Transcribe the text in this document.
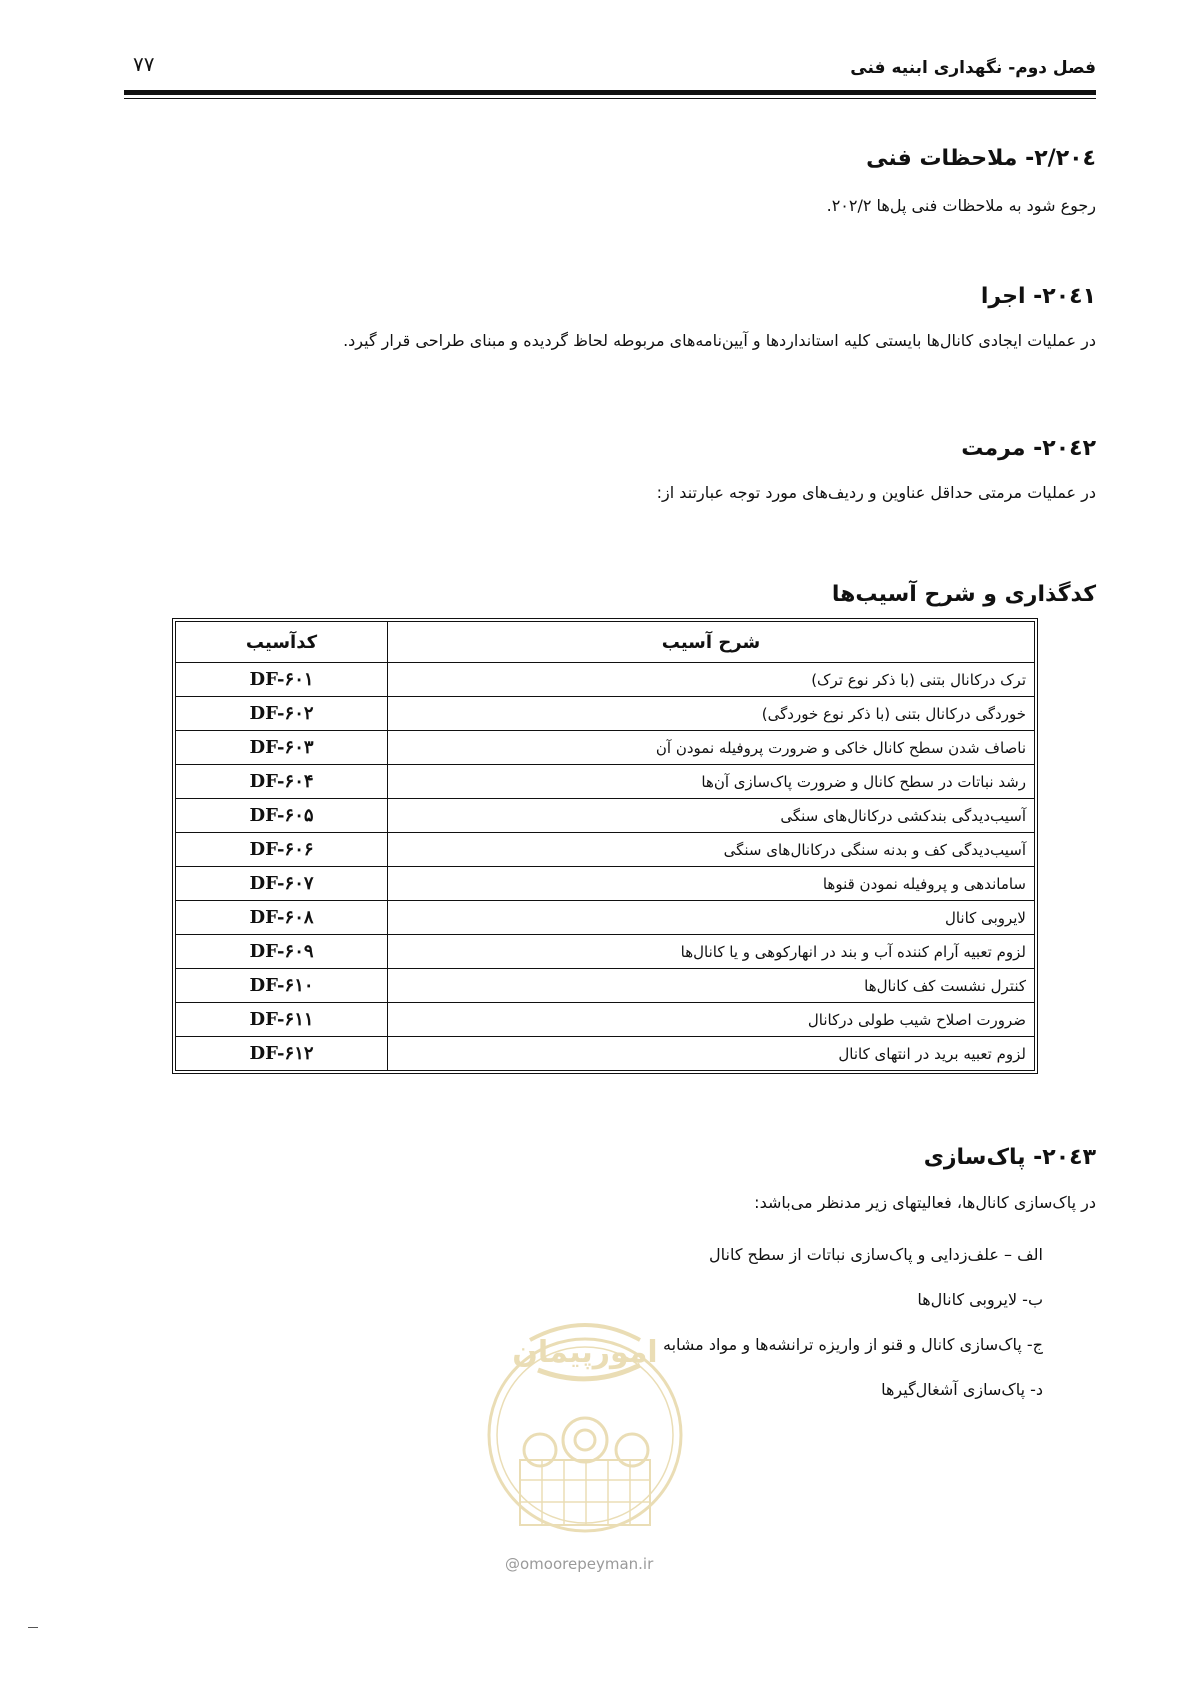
۷۷	فصل دوم- نگهداری ابنیه فنی
۲۰٤/۲- ملاحظات فنی
رجوع شود به ملاحظات فنی پل‌ها ۲۰۲/۲.
۲۰٤۱- اجرا
در عملیات ایجادی کانال‌ها بایستی کلیه استانداردها و آیین‌نامه‌های مربوطه لحاظ گردیده و مبنای طراحی قرار گیرد.
۲۰٤۲- مرمت
در عملیات مرمتی حداقل عناوین و ردیف‌های مورد توجه عبارتند از:
کدگذاری و شرح آسیب‌ها
شرح آسیب	کدآسیب
ترک درکانال بتنی (با ذکر نوع ترک)	DF-۶۰۱
خوردگی درکانال بتنی (با ذکر نوع خوردگی)	DF-۶۰۲
ناصاف شدن سطح کانال خاکی و ضرورت پروفیله نمودن آن	DF-۶۰۳
رشد نباتات در سطح کانال و ضرورت پاک‌سازی آن‌ها	DF-۶۰۴
آسیب‌دیدگی بندکشی درکانال‌های سنگی	DF-۶۰۵
آسیب‌دیدگی کف و بدنه سنگی درکانال‌های سنگی	DF-۶۰۶
ساماندهی و پروفیله نمودن قنوها	DF-۶۰۷
لایروبی کانال	DF-۶۰۸
لزوم تعبیه آرام کننده آب و بند در انهارکوهی و یا کانال‌ها	DF-۶۰۹
کنترل نشست کف کانال‌ها	DF-۶۱۰
ضرورت اصلاح شیب طولی درکانال	DF-۶۱۱
لزوم تعبیه برید در انتهای کانال	DF-۶۱۲
۲۰٤۳- پاک‌سازی
در پاک‌سازی کانال‌ها، فعالیتهای زیر مدنظر می‌باشد:
الف – علف‌زدایی و پاک‌سازی نباتات از سطح کانال
ب- لایروبی کانال‌ها
ج- پاک‌سازی کانال و قنو از واریزه ترانشه‌ها و مواد مشابه
د- پاک‌سازی آشغال‌گیرها
امورپیمان
@omoorepeyman.ir
